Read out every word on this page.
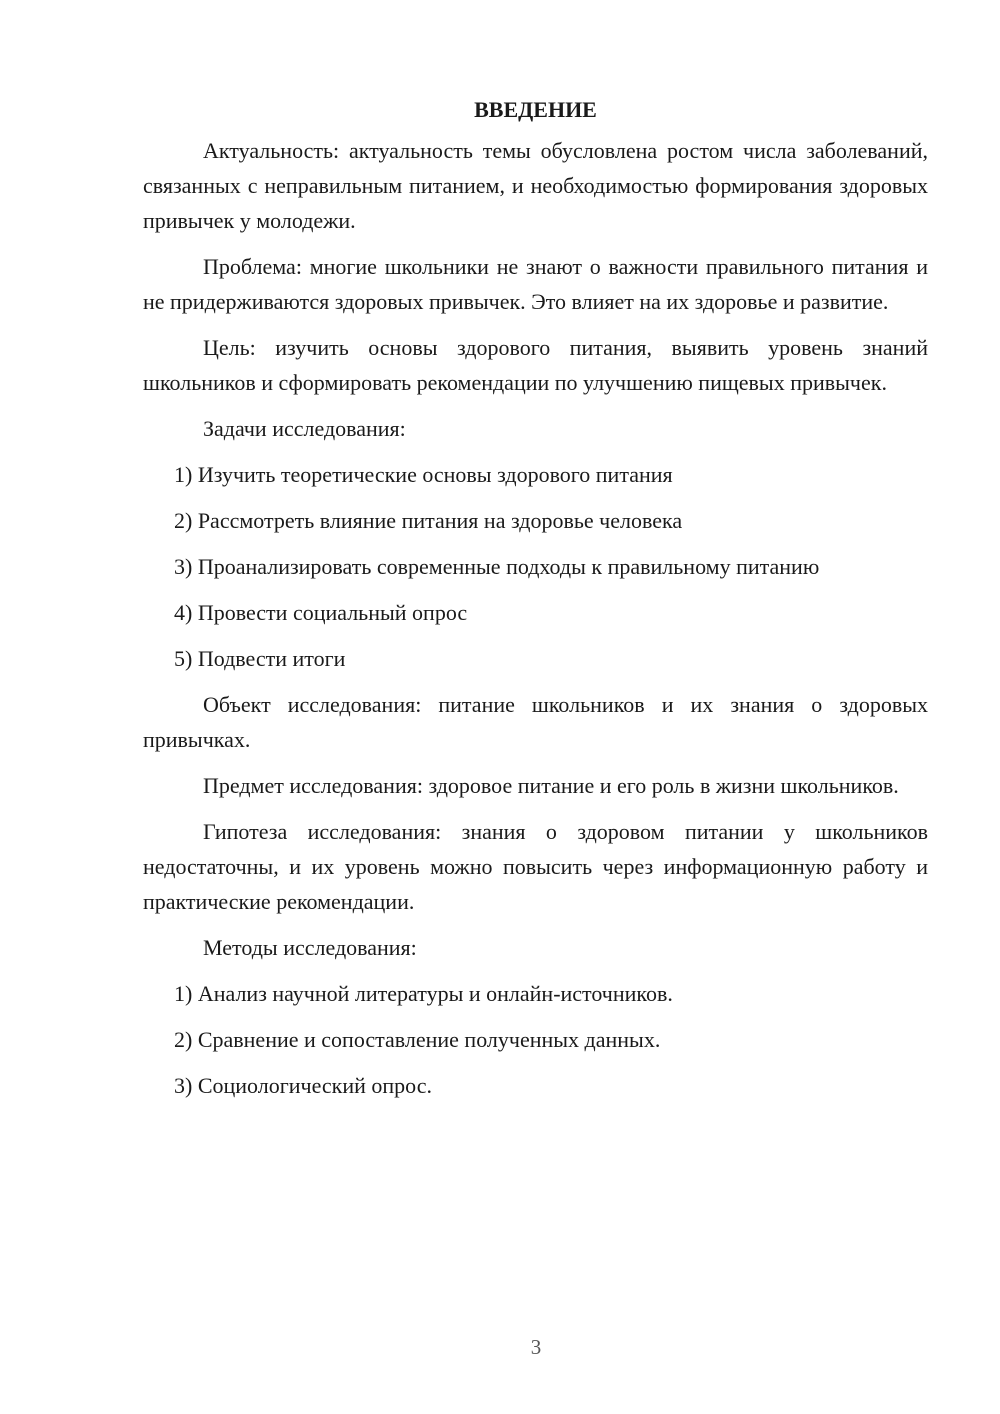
ВВЕДЕНИЕ

Актуальность: актуальность темы обусловлена ростом числа заболеваний, связанных с неправильным питанием, и необходимостью формирования здоровых привычек у молодежи.

Проблема: многие школьники не знают о важности правильного питания и не придерживаются здоровых привычек. Это влияет на их здоровье и развитие.

Цель: изучить основы здорового питания, выявить уровень знаний школьников и сформировать рекомендации по улучшению пищевых привычек.

Задачи исследования:

1) Изучить теоретические основы здорового питания

2) Рассмотреть влияние питания на здоровье человека

3) Проанализировать современные подходы к правильному питанию

4) Провести социальный опрос

5) Подвести итоги

Объект исследования: питание школьников и их знания о здоровых привычках.

Предмет исследования: здоровое питание и его роль в жизни школьников.

Гипотеза исследования: знания о здоровом питании у школьников недостаточны, и их уровень можно повысить через информационную работу и практические рекомендации.

Методы исследования:

1) Анализ научной литературы и онлайн-источников.

2) Сравнение и сопоставление полученных данных.

3) Социологический опрос.

3
